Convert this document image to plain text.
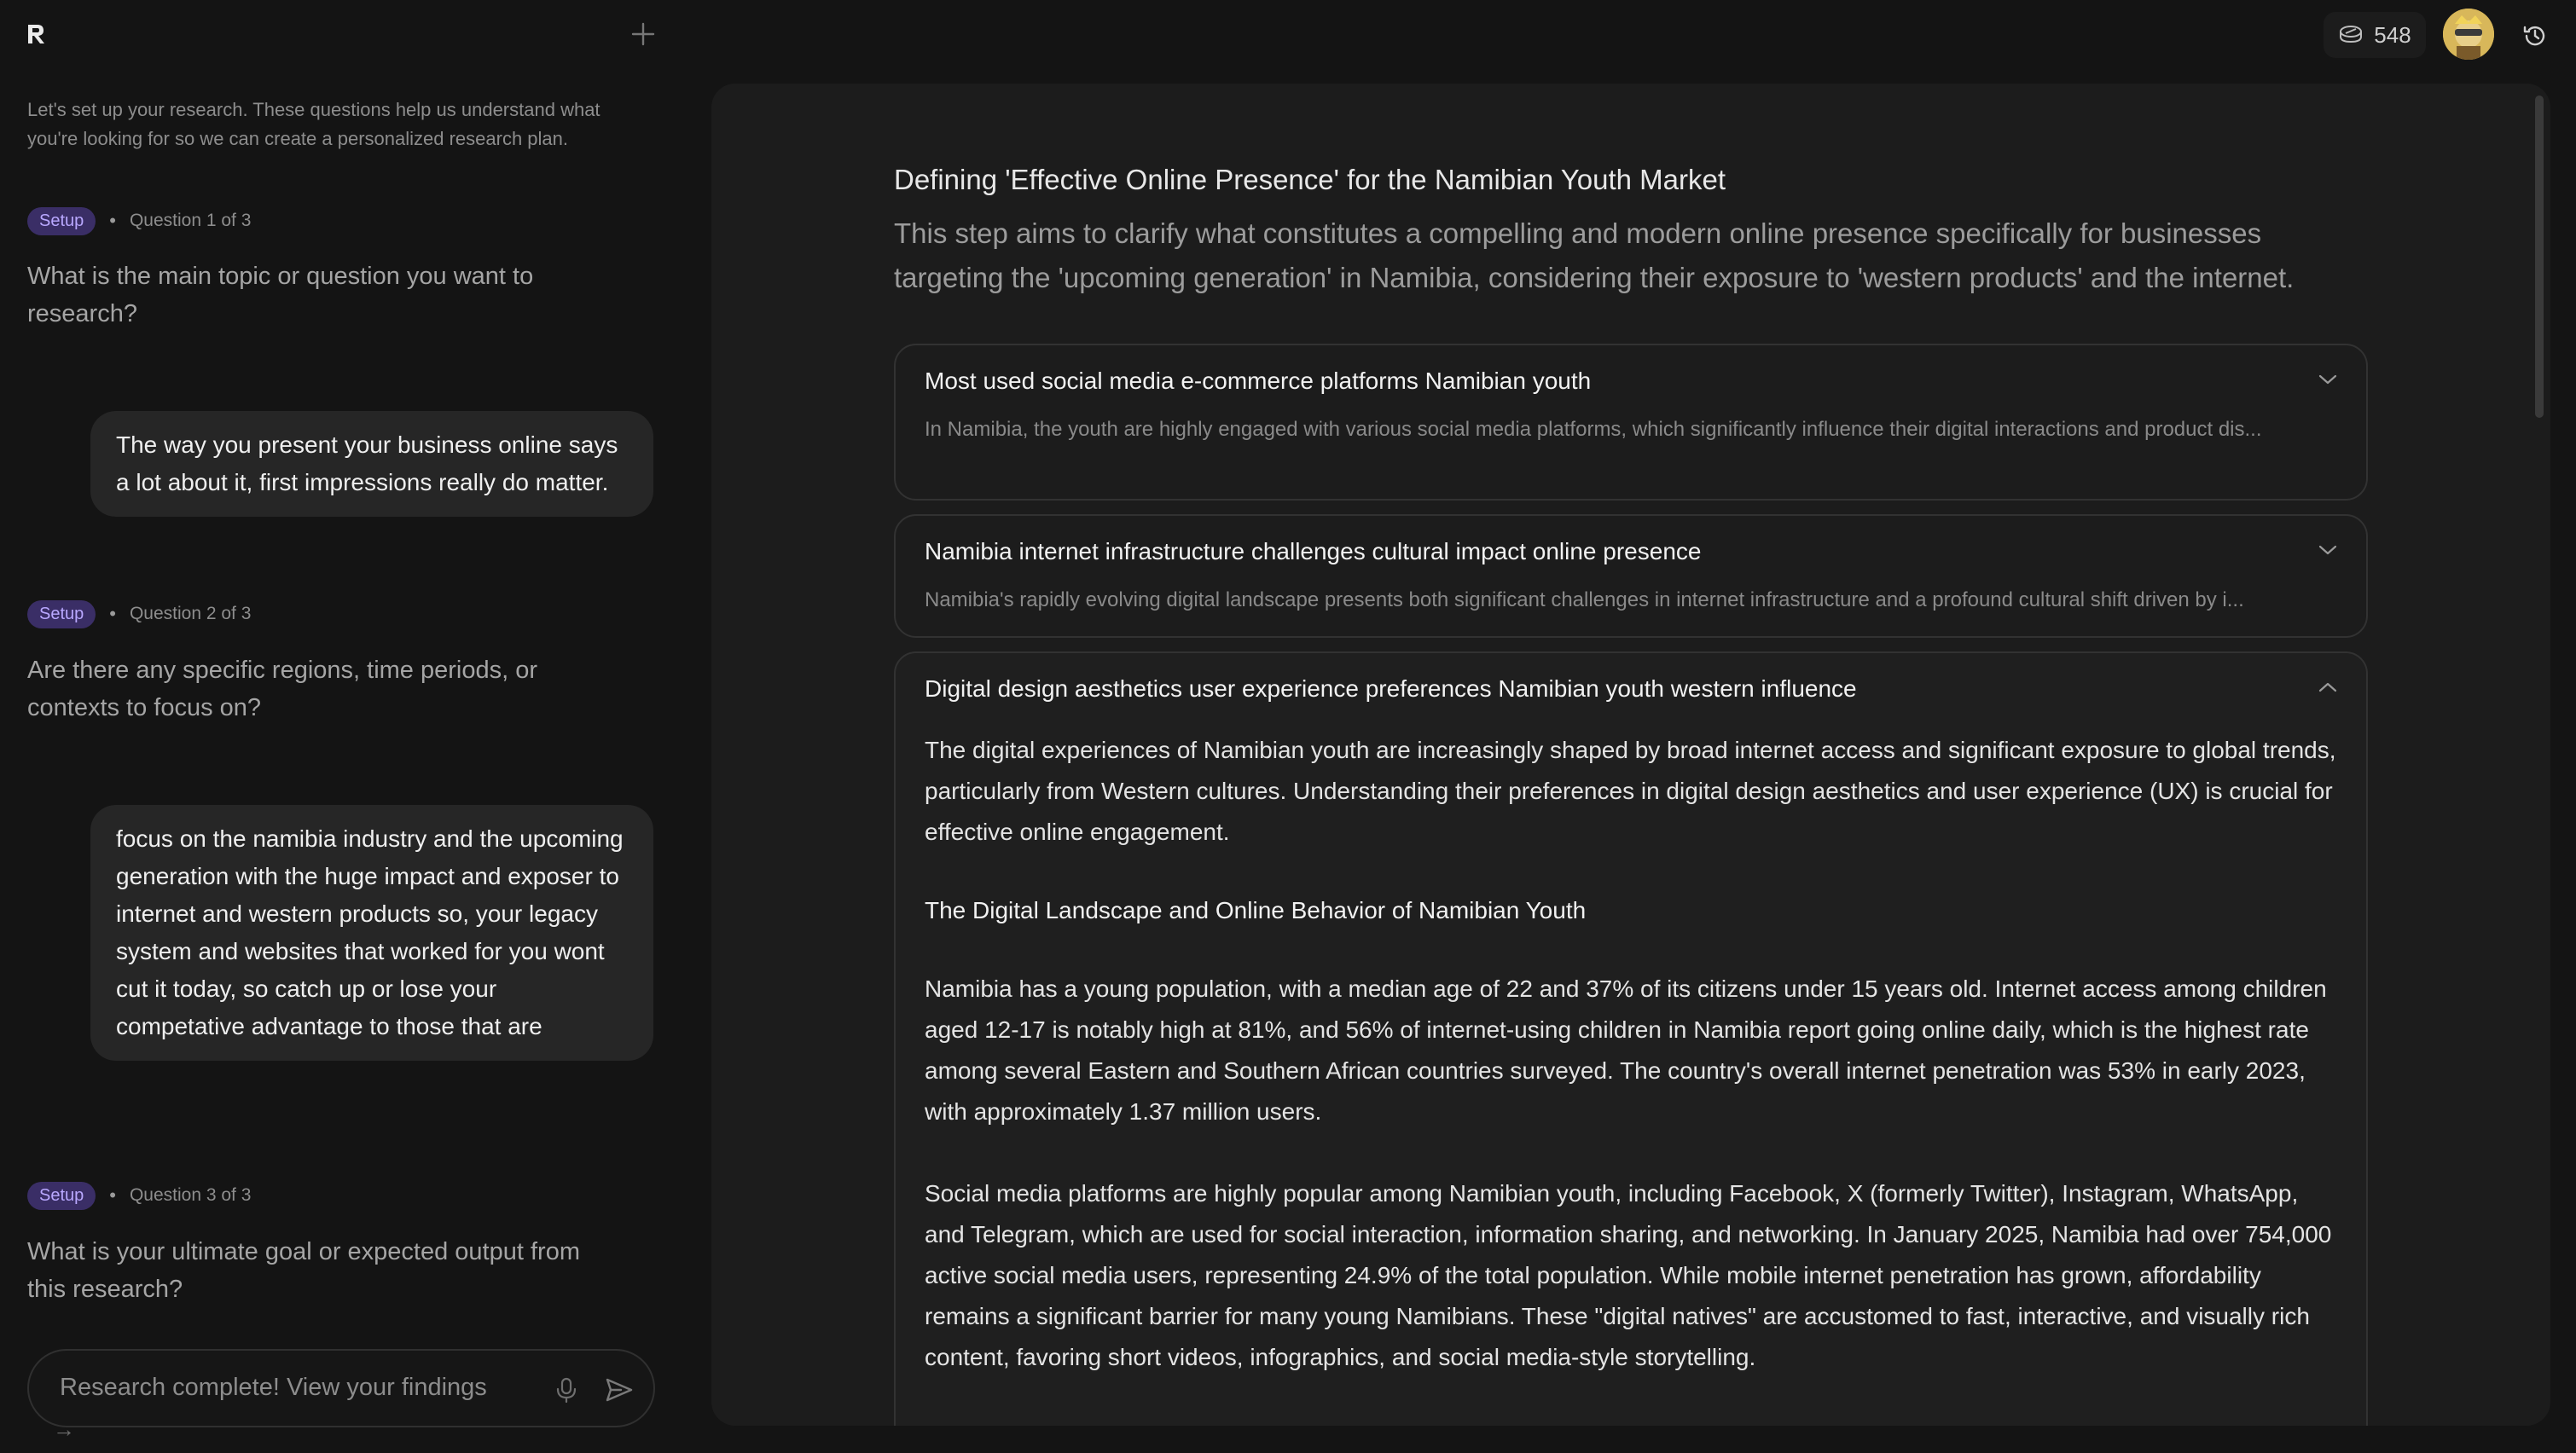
Let's set up your research. These questions help us understand what you're looking for so we can create a personalized research plan.
Setup	• Question 1 of 3
What is the main topic or question you want to research?
The way you present your business online says a lot about it, first impressions really do matter.
Setup	• Question 2 of 3
Are there any specific regions, time periods, or contexts to focus on?
focus on the namibia industry and the upcoming generation with the huge impact and exposer to internet and western products so, your legacy system and websites that worked for you wont cut it today, so catch up or lose your competative advantage to those that are
Setup	• Question 3 of 3
What is your ultimate goal or expected output from this research?
Research complete! View your findings
→
548
Defining 'Effective Online Presence' for the Namibian Youth Market
This step aims to clarify what constitutes a compelling and modern online presence specifically for businesses targeting the 'upcoming generation' in Namibia, considering their exposure to 'western products' and the internet.
Most used social media e-commerce platforms Namibian youth
In Namibia, the youth are highly engaged with various social media platforms, which significantly influence their digital interactions and product dis...
Namibia internet infrastructure challenges cultural impact online presence
Namibia's rapidly evolving digital landscape presents both significant challenges in internet infrastructure and a profound cultural shift driven by i...
Digital design aesthetics user experience preferences Namibian youth western influence

The digital experiences of Namibian youth are increasingly shaped by broad internet access and significant exposure to global trends, particularly from Western cultures. Understanding their preferences in digital design aesthetics and user experience (UX) is crucial for effective online engagement.

The Digital Landscape and Online Behavior of Namibian Youth

Namibia has a young population, with a median age of 22 and 37% of its citizens under 15 years old. Internet access among children aged 12-17 is notably high at 81%, and 56% of internet-using children in Namibia report going online daily, which is the highest rate among several Eastern and Southern African countries surveyed. The country's overall internet penetration was 53% in early 2023, with approximately 1.37 million users.

Social media platforms are highly popular among Namibian youth, including Facebook, X (formerly Twitter), Instagram, WhatsApp, and Telegram, which are used for social interaction, information sharing, and networking. In January 2025, Namibia had over 754,000 active social media users, representing 24.9% of the total population. While mobile internet penetration has grown, affordability remains a significant barrier for many young Namibians. These "digital natives" are accustomed to fast, interactive, and visually rich content, favoring short videos, infographics, and social media-style storytelling.
